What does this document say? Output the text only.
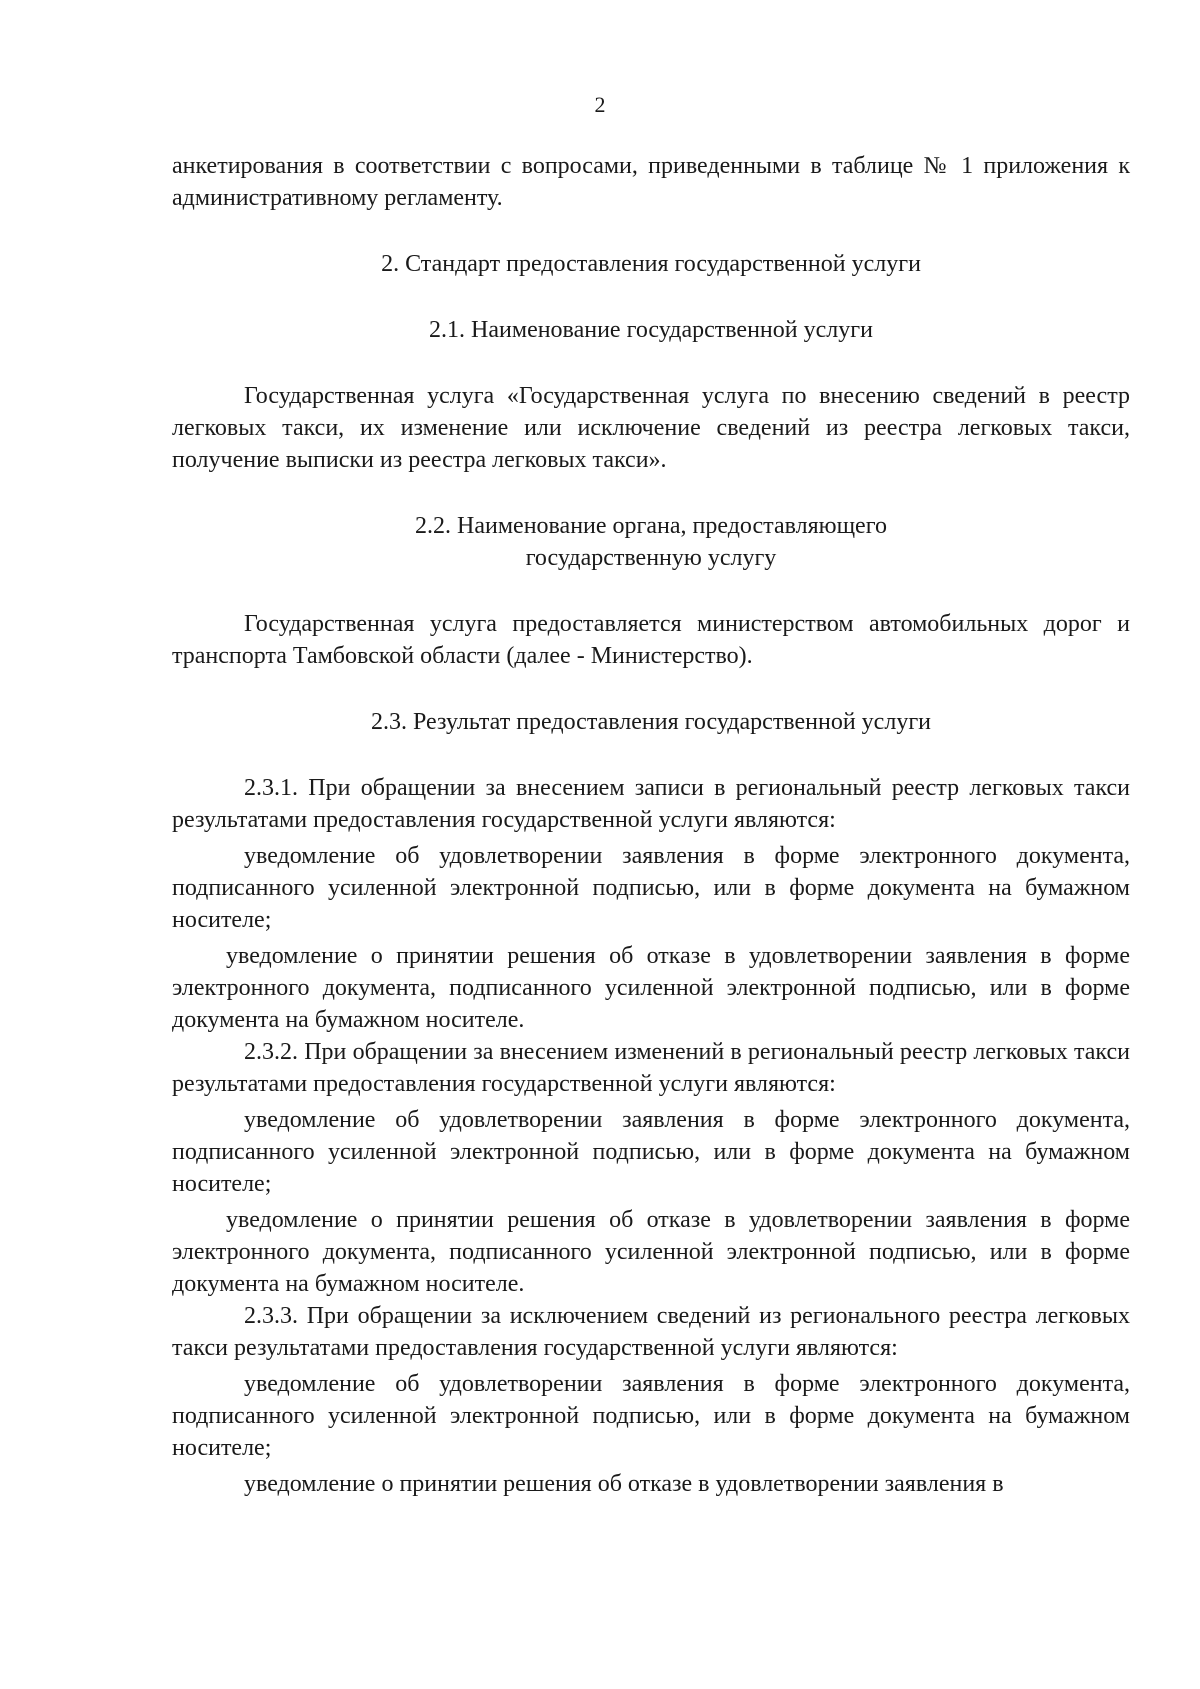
2

анкетирования в соответствии с вопросами, приведенными в таблице № 1 приложения к административному регламенту.

2. Стандарт предоставления государственной услуги
2.1. Наименование государственной услуги

Государственная услуга «Государственная услуга по внесению сведений в реестр легковых такси, их изменение или исключение сведений из реестра легковых такси, получение выписки из реестра легковых такси».

2.2. Наименование органа, предоставляющего
государственную услугу

Государственная услуга предоставляется министерством автомобильных дорог и транспорта Тамбовской области (далее - Министерство).

2.3. Результат предоставления государственной услуги

2.3.1. При обращении за внесением записи в региональный реестр легковых такси результатами предоставления государственной услуги являются:

уведомление об удовлетворении заявления в форме электронного документа, подписанного усиленной электронной подписью, или в форме документа на бумажном носителе;

уведомление о принятии решения об отказе в удовлетворении заявления в форме электронного документа, подписанного усиленной электронной подписью, или в форме документа на бумажном носителе.

2.3.2. При обращении за внесением изменений в региональный реестр легковых такси результатами предоставления государственной услуги являются:

уведомление об удовлетворении заявления в форме электронного документа, подписанного усиленной электронной подписью, или в форме документа на бумажном носителе;

уведомление о принятии решения об отказе в удовлетворении заявления в форме электронного документа, подписанного усиленной электронной подписью, или в форме документа на бумажном носителе.

2.3.3. При обращении за исключением сведений из регионального реестра легковых такси результатами предоставления государственной услуги являются:

уведомление об удовлетворении заявления в форме электронного документа, подписанного усиленной электронной подписью, или в форме документа на бумажном носителе;

уведомление о принятии решения об отказе в удовлетворении заявления в
